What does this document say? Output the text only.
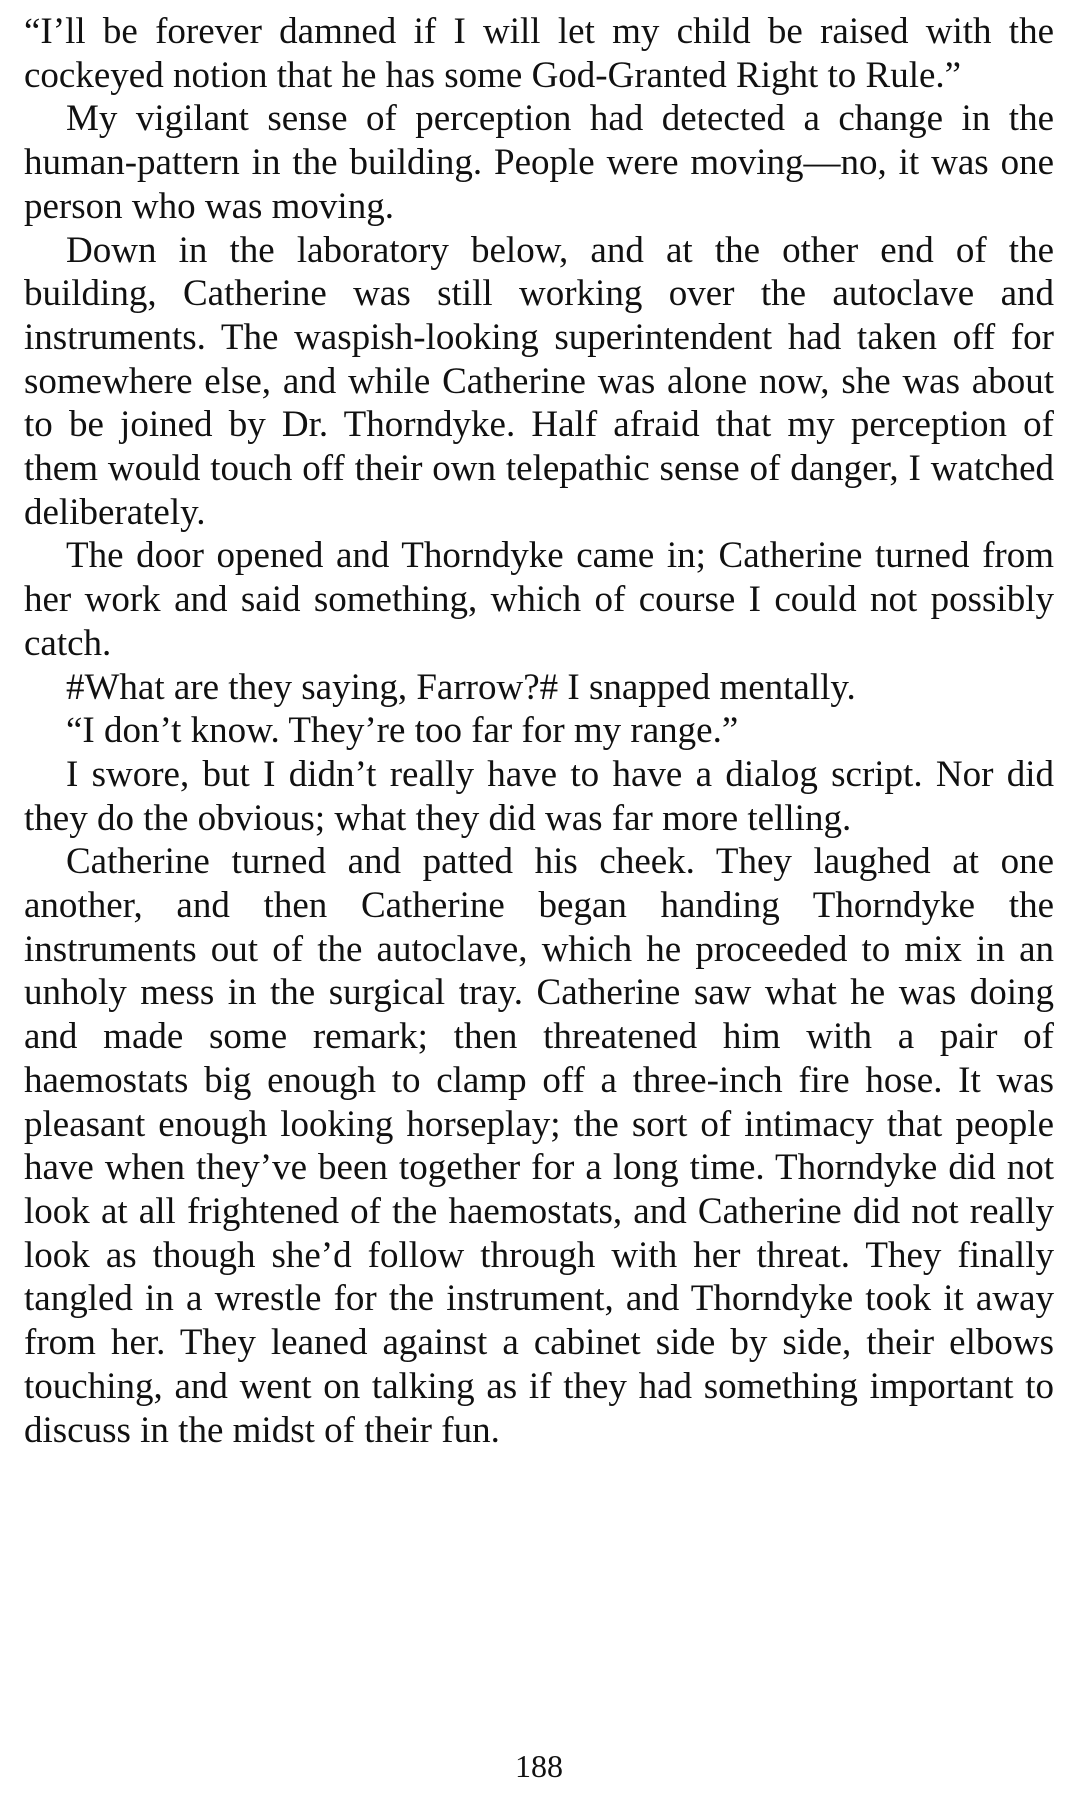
“I’ll be forever damned if I will let my child be raised with the cockeyed notion that he has some God-Granted Right to Rule.”

My vigilant sense of perception had detected a change in the human-pattern in the building. People were moving—no, it was one person who was moving.

Down in the laboratory below, and at the other end of the building, Catherine was still working over the autoclave and instruments. The waspish-looking superintendent had taken off for somewhere else, and while Catherine was alone now, she was about to be joined by Dr. Thorndyke. Half afraid that my perception of them would touch off their own telepathic sense of danger, I watched deliberately.

The door opened and Thorndyke came in; Catherine turned from her work and said something, which of course I could not possibly catch.

#What are they saying, Farrow?# I snapped mentally.

“I don’t know. They’re too far for my range.”

I swore, but I didn’t really have to have a dialog script. Nor did they do the obvious; what they did was far more telling.

Catherine turned and patted his cheek. They laughed at one another, and then Catherine began handing Thorndyke the instruments out of the autoclave, which he proceeded to mix in an unholy mess in the surgical tray. Catherine saw what he was doing and made some remark; then threatened him with a pair of haemostats big enough to clamp off a three-inch fire hose. It was pleasant enough looking horseplay; the sort of intimacy that people have when they’ve been together for a long time. Thorndyke did not look at all frightened of the haemostats, and Catherine did not really look as though she’d follow through with her threat. They finally tangled in a wrestle for the instrument, and Thorndyke took it away from her. They leaned against a cabinet side by side, their elbows touching, and went on talking as if they had something important to discuss in the midst of their fun.

188
